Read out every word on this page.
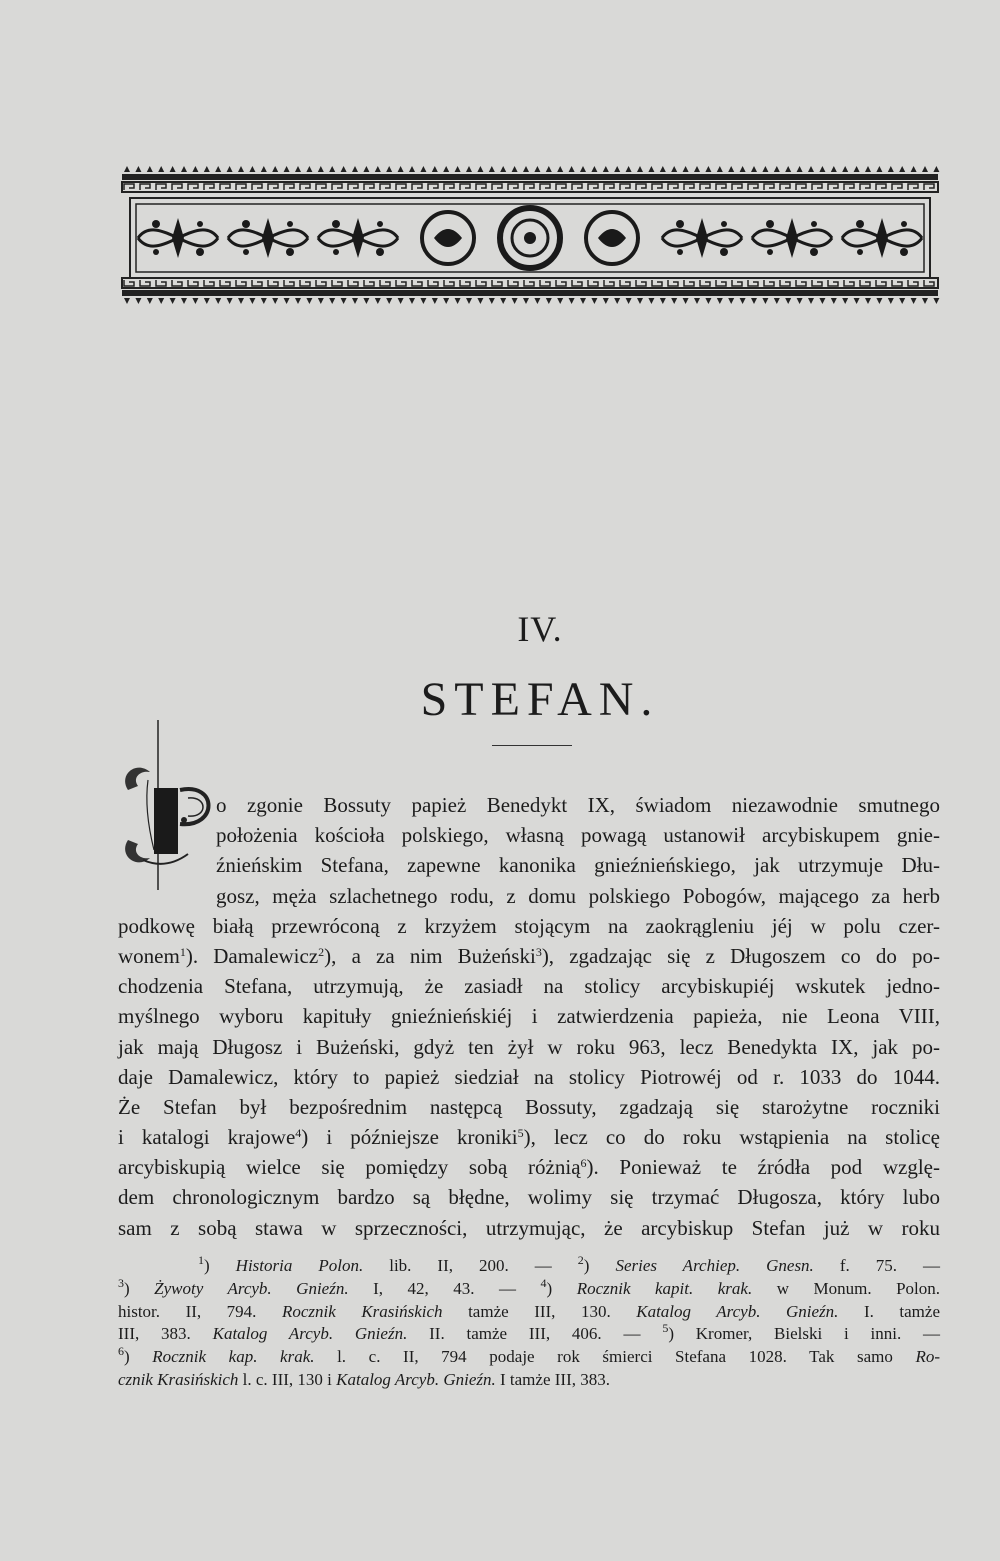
IV.
STEFAN.
o zgonie Bossuty papież Benedykt IX, świadom niezawodnie smutnego
położenia kościoła polskiego, własną powagą ustanowił arcybiskupem gnie-
źnieńskim Stefana, zapewne kanonika gnieźnieńskiego, jak utrzymuje Dłu-
gosz, męża szlachetnego rodu, z domu polskiego Pobogów, mającego za herb
podkowę białą przewróconą z krzyżem stojącym na zaokrągleniu jéj w polu czer-
wonem$^1$). Damalewicz$^2$), a za nim Bużeński$^3$), zgadzając się z Długoszem co do po-
chodzenia Stefana, utrzymują, że zasiadł na stolicy arcybiskupiéj wskutek jedno-
myślnego wyboru kapituły gnieźnieńskiéj i zatwierdzenia papieża, nie Leona VIII,
jak mają Długosz i Bużeński, gdyż ten żył w roku 963, lecz Benedykta IX, jak po-
daje Damalewicz, który to papież siedział na stolicy Piotrowéj od r. 1033 do 1044.
Że Stefan był bezpośrednim następcą Bossuty, zgadzają się starożytne roczniki
i katalogi krajowe$^4$) i późniejsze kroniki$^5$), lecz co do roku wstąpienia na stolicę
arcybiskupią wielce się pomiędzy sobą różnią$^6$). Ponieważ te źródła pod wzglę-
dem chronologicznym bardzo są błędne, wolimy się trzymać Długosza, który lubo
sam z sobą stawa w sprzeczności, utrzymując, że arcybiskup Stefan już w roku
$^1$) Historia Polon. lib. II, 200. — $^2$) Series Archiep. Gnesn. f. 75. —
$^3$) Żywoty Arcyb. Gnieźn. I, 42, 43. — $^4$) Rocznik kapit. krak. w Monum. Polon.
histor. II, 794. Rocznik Krasińskich tamże III, 130. Katalog Arcyb. Gnieźn. I. tamże
III, 383. Katalog Arcyb. Gnieźn. II. tamże III, 406. — $^5$) Kromer, Bielski i inni. —
$^6$) Rocznik kap. krak. l. c. II, 794 podaje rok śmierci Stefana 1028. Tak samo Ro-
cznik Krasińskich l. c. III, 130 i Katalog Arcyb. Gnieźn. I tamże III, 383.
